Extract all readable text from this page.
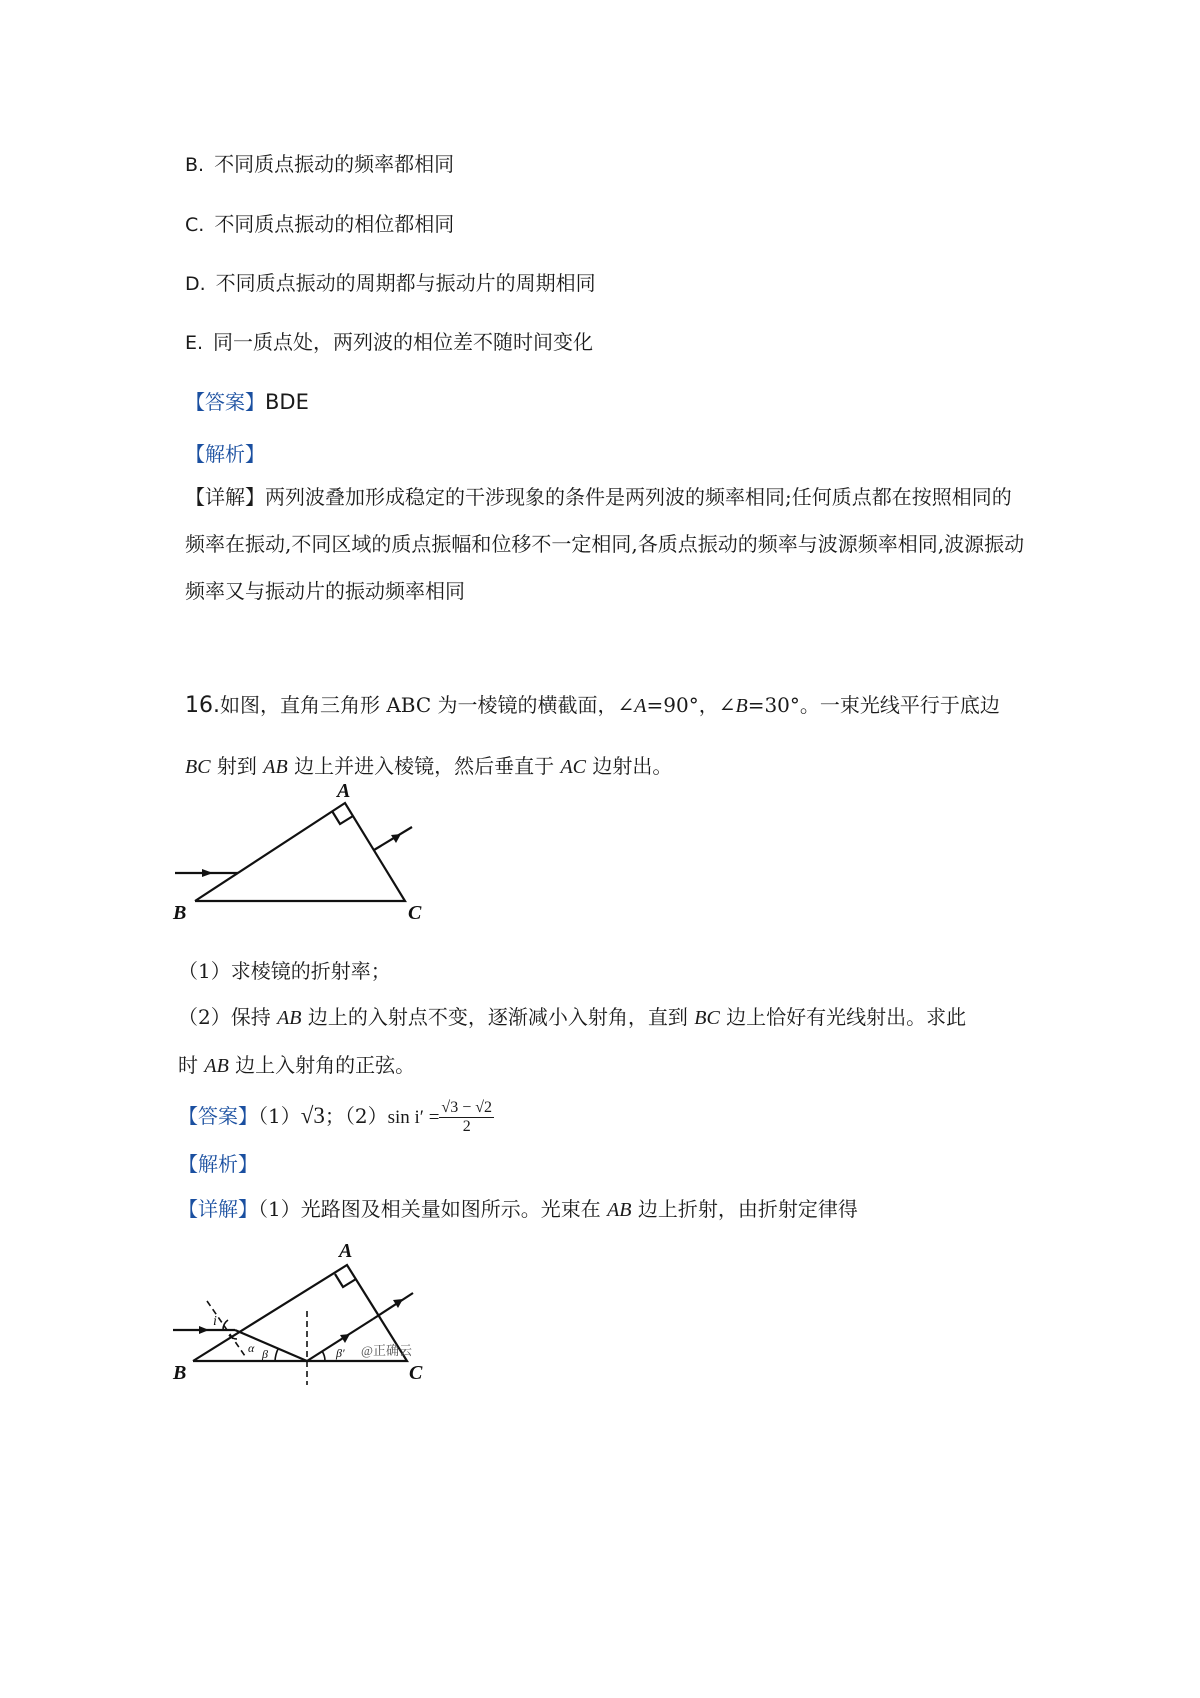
B. 不同质点振动的频率都相同
C. 不同质点振动的相位都相同
D. 不同质点振动的周期都与振动片的周期相同
E. 同一质点处，两列波的相位差不随时间变化
【答案】BDE
【解析】
【详解】两列波叠加形成稳定的干涉现象的条件是两列波的频率相同;任何质点都在按照相同的频率在振动,不同区域的质点振幅和位移不一定相同,各质点振动的频率与波源频率相同,波源振动频率又与振动片的振动频率相同
16.如图，直角三角形 ABC 为一棱镜的横截面，∠A=90°，∠B=30°。一束光线平行于底边
BC 射到 AB 边上并进入棱镜，然后垂直于 AC 边射出。
A
B	C
（1）求棱镜的折射率；
（2）保持 AB 边上的入射点不变，逐渐减小入射角，直到 BC 边上恰好有光线射出。求此
时 AB 边上入射角的正弦。
【答案】（1）√3；（2）sin $i' = \frac{√3 - √2}{2}$
【解析】
【详解】（1）光路图及相关量如图所示。光束在 AB 边上折射，由折射定律得
A
B	C
i
α β	β′ @正确云
